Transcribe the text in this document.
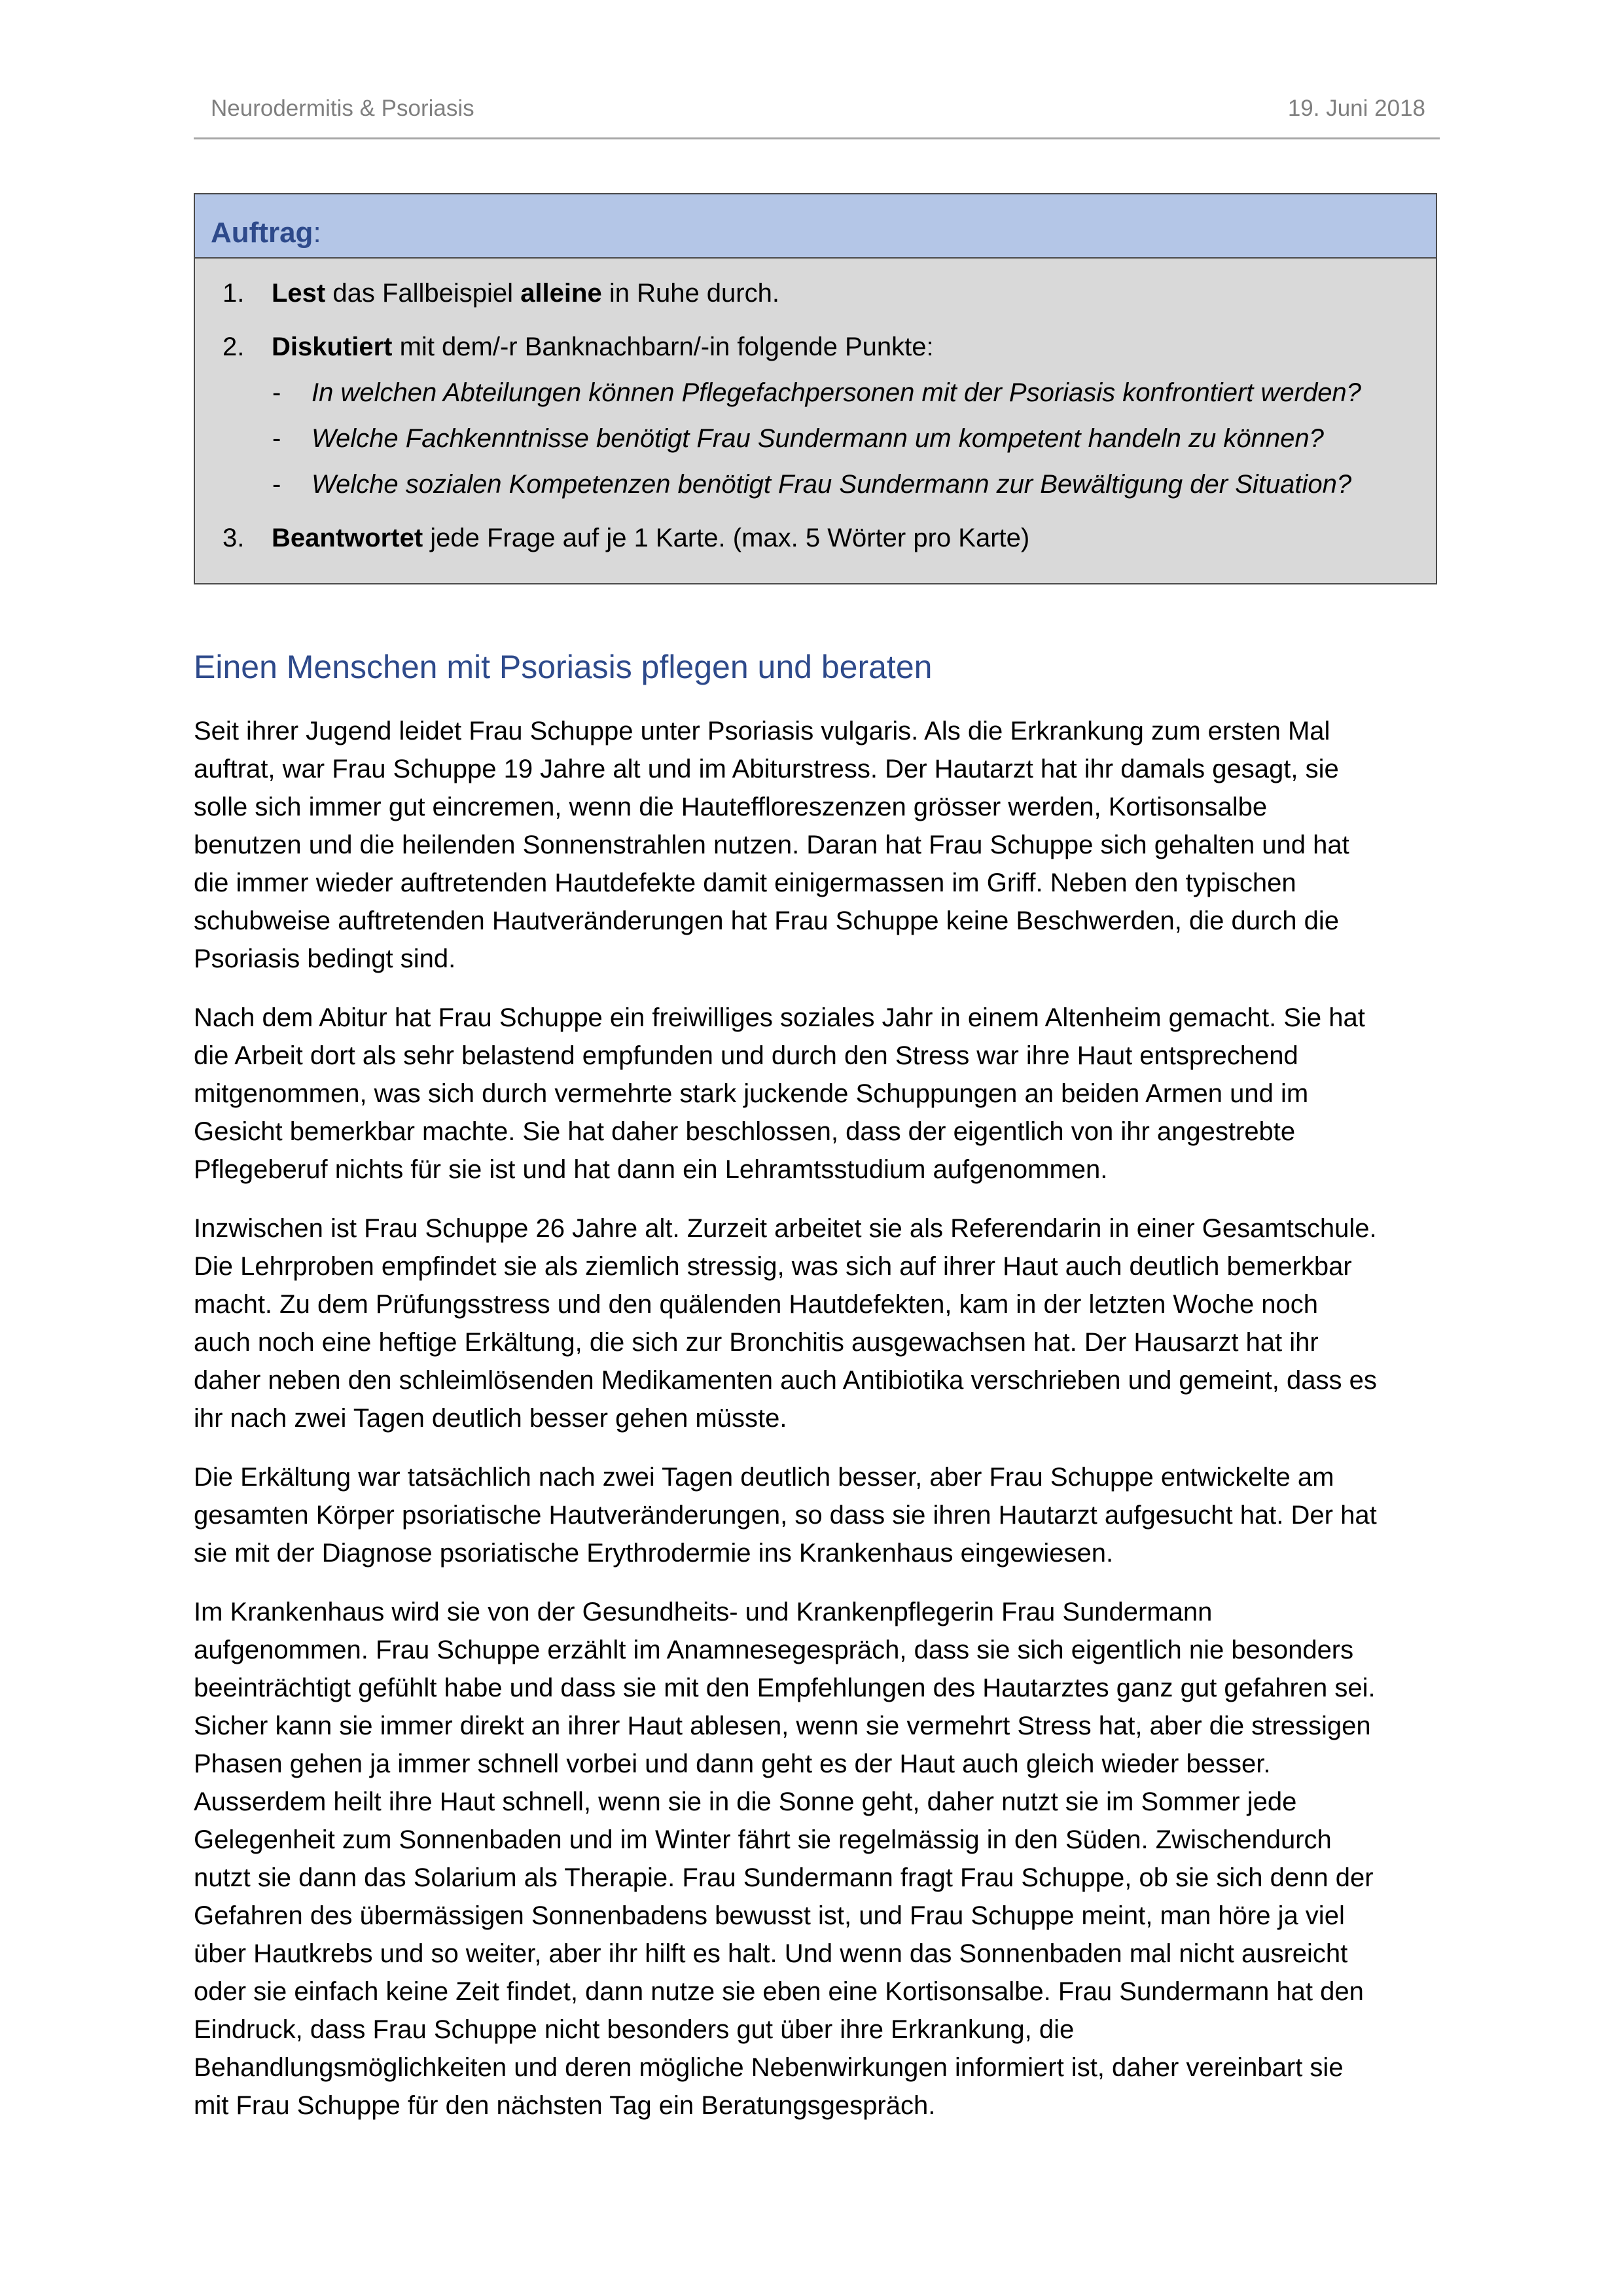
Neurodermitis & Psoriasis	19. Juni 2018
Auftrag:
1. Lest das Fallbeispiel alleine in Ruhe durch.
2. Diskutiert mit dem/-r Banknachbarn/-in folgende Punkte:
- In welchen Abteilungen können Pflegefachpersonen mit der Psoriasis konfrontiert werden?
- Welche Fachkenntnisse benötigt Frau Sundermann um kompetent handeln zu können?
- Welche sozialen Kompetenzen benötigt Frau Sundermann zur Bewältigung der Situation?
3. Beantwortet jede Frage auf je 1 Karte. (max. 5 Wörter pro Karte)
Einen Menschen mit Psoriasis pflegen und beraten
Seit ihrer Jugend leidet Frau Schuppe unter Psoriasis vulgaris. Als die Erkrankung zum ersten Mal
auftrat, war Frau Schuppe 19 Jahre alt und im Abiturstress. Der Hautarzt hat ihr damals gesagt, sie
solle sich immer gut eincremen, wenn die Hauteffloreszenzen grösser werden, Kortisonsalbe
benutzen und die heilenden Sonnenstrahlen nutzen. Daran hat Frau Schuppe sich gehalten und hat
die immer wieder auftretenden Hautdefekte damit einigermassen im Griff. Neben den typischen
schubweise auftretenden Hautveränderungen hat Frau Schuppe keine Beschwerden, die durch die
Psoriasis bedingt sind.
Nach dem Abitur hat Frau Schuppe ein freiwilliges soziales Jahr in einem Altenheim gemacht. Sie hat
die Arbeit dort als sehr belastend empfunden und durch den Stress war ihre Haut entsprechend
mitgenommen, was sich durch vermehrte stark juckende Schuppungen an beiden Armen und im
Gesicht bemerkbar machte. Sie hat daher beschlossen, dass der eigentlich von ihr angestrebte
Pflegeberuf nichts für sie ist und hat dann ein Lehramtsstudium aufgenommen.
Inzwischen ist Frau Schuppe 26 Jahre alt. Zurzeit arbeitet sie als Referendarin in einer Gesamtschule.
Die Lehrproben empfindet sie als ziemlich stressig, was sich auf ihrer Haut auch deutlich bemerkbar
macht. Zu dem Prüfungsstress und den quälenden Hautdefekten, kam in der letzten Woche noch
auch noch eine heftige Erkältung, die sich zur Bronchitis ausgewachsen hat. Der Hausarzt hat ihr
daher neben den schleimlösenden Medikamenten auch Antibiotika verschrieben und gemeint, dass es
ihr nach zwei Tagen deutlich besser gehen müsste.
Die Erkältung war tatsächlich nach zwei Tagen deutlich besser, aber Frau Schuppe entwickelte am
gesamten Körper psoriatische Hautveränderungen, so dass sie ihren Hautarzt aufgesucht hat. Der hat
sie mit der Diagnose psoriatische Erythrodermie ins Krankenhaus eingewiesen.
Im Krankenhaus wird sie von der Gesundheits- und Krankenpflegerin Frau Sundermann
aufgenommen. Frau Schuppe erzählt im Anamnesegespräch, dass sie sich eigentlich nie besonders
beeinträchtigt gefühlt habe und dass sie mit den Empfehlungen des Hautarztes ganz gut gefahren sei.
Sicher kann sie immer direkt an ihrer Haut ablesen, wenn sie vermehrt Stress hat, aber die stressigen
Phasen gehen ja immer schnell vorbei und dann geht es der Haut auch gleich wieder besser.
Ausserdem heilt ihre Haut schnell, wenn sie in die Sonne geht, daher nutzt sie im Sommer jede
Gelegenheit zum Sonnenbaden und im Winter fährt sie regelmässig in den Süden. Zwischendurch
nutzt sie dann das Solarium als Therapie. Frau Sundermann fragt Frau Schuppe, ob sie sich denn der
Gefahren des übermässigen Sonnenbadens bewusst ist, und Frau Schuppe meint, man höre ja viel
über Hautkrebs und so weiter, aber ihr hilft es halt. Und wenn das Sonnenbaden mal nicht ausreicht
oder sie einfach keine Zeit findet, dann nutze sie eben eine Kortisonsalbe. Frau Sundermann hat den
Eindruck, dass Frau Schuppe nicht besonders gut über ihre Erkrankung, die
Behandlungsmöglichkeiten und deren mögliche Nebenwirkungen informiert ist, daher vereinbart sie
mit Frau Schuppe für den nächsten Tag ein Beratungsgespräch.
